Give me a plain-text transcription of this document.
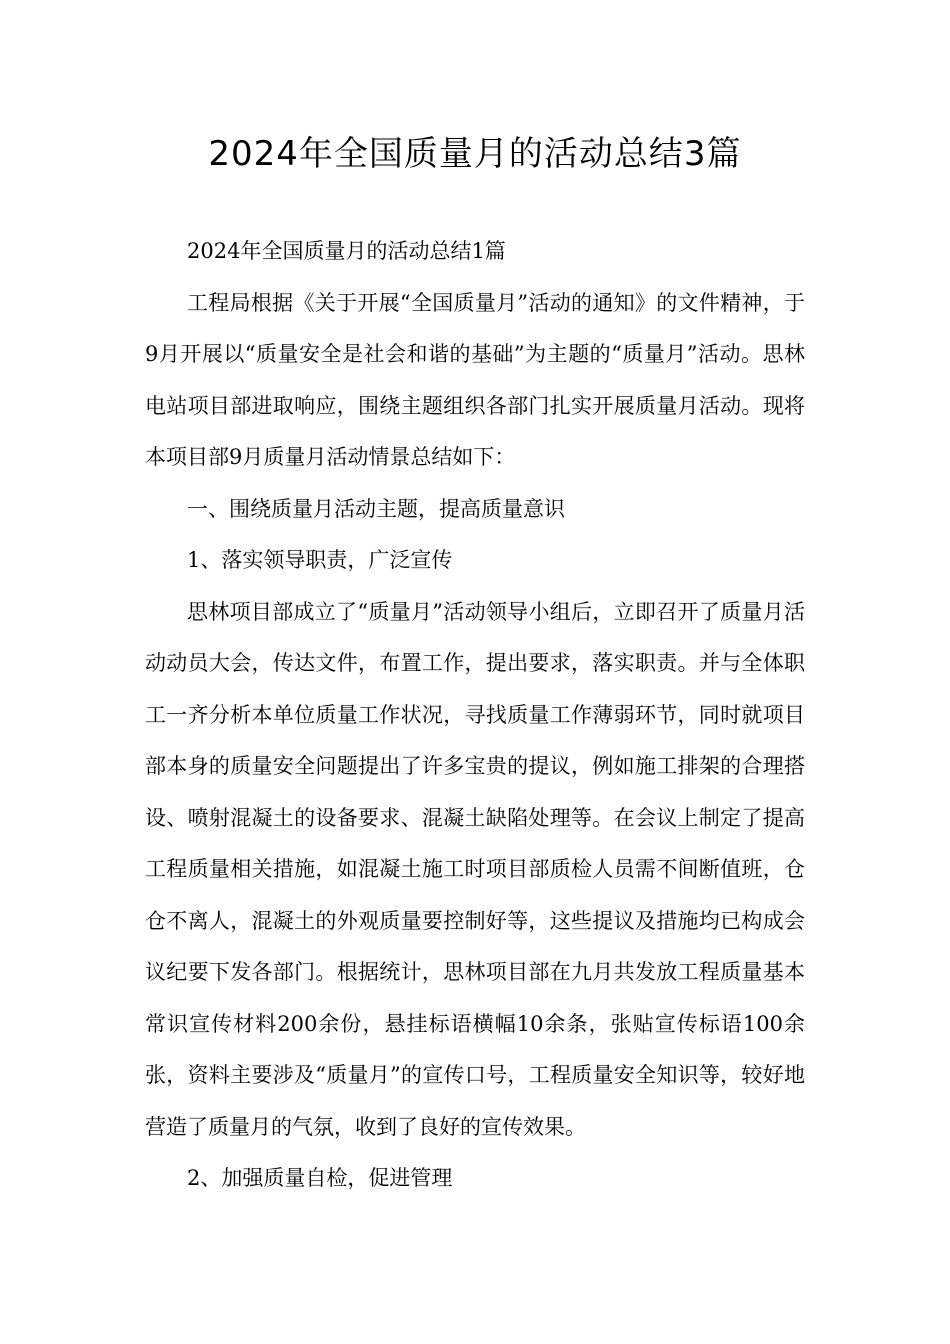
2024年全国质量月的活动总结3篇

2024年全国质量月的活动总结1篇

工程局根据《关于开展“全国质量月”活动的通知》的文件精神，于9月开展以“质量安全是社会和谐的基础”为主题的“质量月”活动。思林电站项目部进取响应，围绕主题组织各部门扎实开展质量月活动。现将本项目部9月质量月活动情景总结如下：

一、围绕质量月活动主题，提高质量意识

1、落实领导职责，广泛宣传

思林项目部成立了“质量月”活动领导小组后，立即召开了质量月活动动员大会，传达文件，布置工作，提出要求，落实职责。并与全体职工一齐分析本单位质量工作状况，寻找质量工作薄弱环节，同时就项目部本身的质量安全问题提出了许多宝贵的提议，例如施工排架的合理搭设、喷射混凝土的设备要求、混凝土缺陷处理等。在会议上制定了提高工程质量相关措施，如混凝土施工时项目部质检人员需不间断值班，仓仓不离人，混凝土的外观质量要控制好等，这些提议及措施均已构成会议纪要下发各部门。根据统计，思林项目部在九月共发放工程质量基本常识宣传材料200余份，悬挂标语横幅10余条，张贴宣传标语100余张，资料主要涉及“质量月”的宣传口号，工程质量安全知识等，较好地营造了质量月的气氛，收到了良好的宣传效果。

2、加强质量自检，促进管理
